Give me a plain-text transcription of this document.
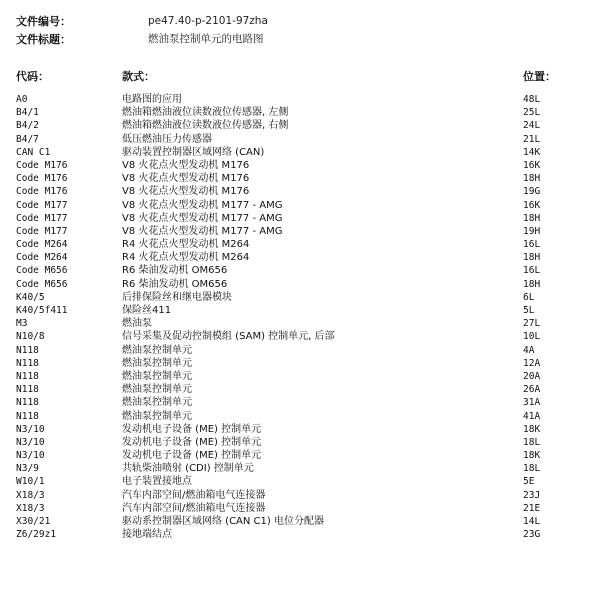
文件编号：	pe47.40-p-2101-97zha
文件标题：	燃油泵控制单元的电路图
代码：	款式：	位置：
A0	电路图的应用	48L
B4/1	燃油箱燃油液位读数液位传感器, 左侧	25L
B4/2	燃油箱燃油液位读数液位传感器, 右侧	24L
B4/7	低压燃油压力传感器	21L
CAN C1	驱动装置控制器区域网络 (CAN)	14K
Code M176	V8 火花点火型发动机 M176	16K
Code M176	V8 火花点火型发动机 M176	18H
Code M176	V8 火花点火型发动机 M176	19G
Code M177	V8 火花点火型发动机 M177 - AMG	16K
Code M177	V8 火花点火型发动机 M177 - AMG	18H
Code M177	V8 火花点火型发动机 M177 - AMG	19H
Code M264	R4 火花点火型发动机 M264	16L
Code M264	R4 火花点火型发动机 M264	18H
Code M656	R6 柴油发动机 OM656	16L
Code M656	R6 柴油发动机 OM656	18H
K40/5	后排保险丝和继电器模块	6L
K40/5f411	保险丝411	5L
M3	燃油泵	27L
N10/8	信号采集及促动控制模组 (SAM) 控制单元, 后部	10L
N118	燃油泵控制单元	4A
N118	燃油泵控制单元	12A
N118	燃油泵控制单元	20A
N118	燃油泵控制单元	26A
N118	燃油泵控制单元	31A
N118	燃油泵控制单元	41A
N3/10	发动机电子设备 (ME) 控制单元	18K
N3/10	发动机电子设备 (ME) 控制单元	18L
N3/10	发动机电子设备 (ME) 控制单元	18K
N3/9	共轨柴油喷射 (CDI) 控制单元	18L
W10/1	电子装置接地点	5E
X18/3	汽车内部空间/燃油箱电气连接器	23J
X18/3	汽车内部空间/燃油箱电气连接器	21E
X30/21	驱动系控制器区域网络 (CAN C1) 电位分配器	14L
Z6/29z1	接地端结点	23G
